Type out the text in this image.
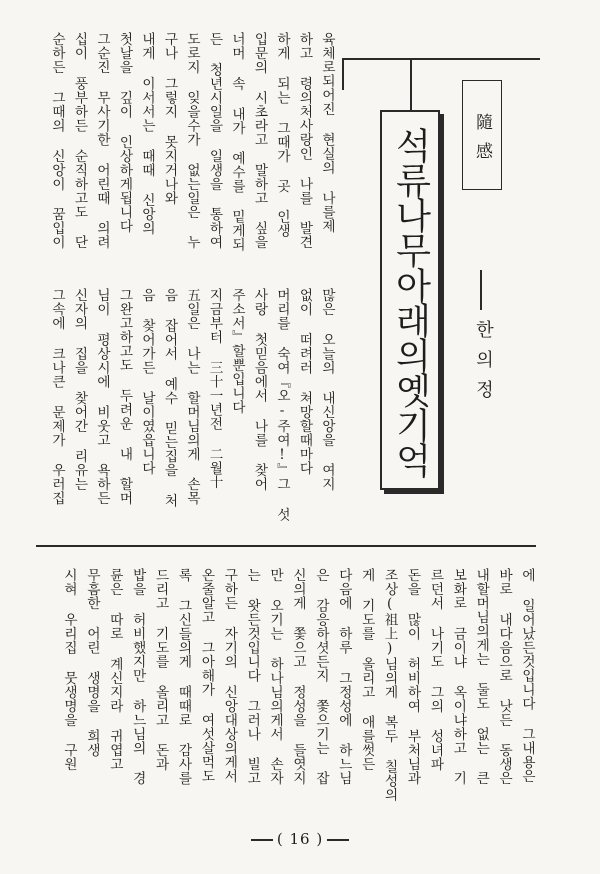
隨感
석류나무아래의옛기억	한의정
육체로되어진 현실의 나를제
하고 령의처사랑인 나를 발견
하게 되는 그때가 곳 인생
입문의 시초라고 말하고 싶을
너머 속 내가 예수를 밑게되
든 청년시일을 일생을 통하여
도로지 잊을수가 없는일은 누
구나 그렇지 못지거나와
내게 이서서는 때때 신앙의
첫날을 깊이 인상하게됩니다
그순진 무사기한 어린때 의려
십이 풍부하든 순직하고도 단
순하든 그때의 신앙이 꿈입이
많은 오늘의 내신앙을 여지
없이 떠려러 쳐망할때마다
머리를 숙여『오-주여!』그 섯
사랑 첫믿음에서 나를 찾어
주소서』할뿐입니다
지금부터 三十一년전 二월十
五일은 나는 할머님의게 손목
음 잡어서 예수 믿는집을 처
음 찾어가든 날이였읍니다
그완고하고도 두려운 내 할머
님이 평상시에 비웃고 욕하든
신자의 집을 찾어간 리유는
그속에 크나큰 문제가 우러집
에 일어났든것입니다 그내용은
바로 내다음으로 낫든 동생은
내할머님의게는 둘도 없는 큰
보화로 금이냐 옥이냐하고 기
르던서 나기도 그의 성녀파
돈을 많이 허비하여 부처님과
조상(祖上)님의게 복두 칠성의
게 기도를 올리고 애를썻든
다음에 하루 그정성에 하느님
은 감응하셧든지 쫓으기는 잡
신의게 쫓으고 정성을 들엿지
만 오기는 하나님의게서 손자
는 왓든것입니다 그러나 빌고
구하든 자기의 신앙대상의게서
온줄알고 그아해가 여섯살먹도
록 그신들의게 때때로 감사를
드리고 기도를 올리고 돈과
밥을 허비했지만 하느님의 경
륜은 따로 계신지라 귀엽고
무흠한 어린 생명을 희생
시혀 우리집 뭇생명을 구원
( 16 )
